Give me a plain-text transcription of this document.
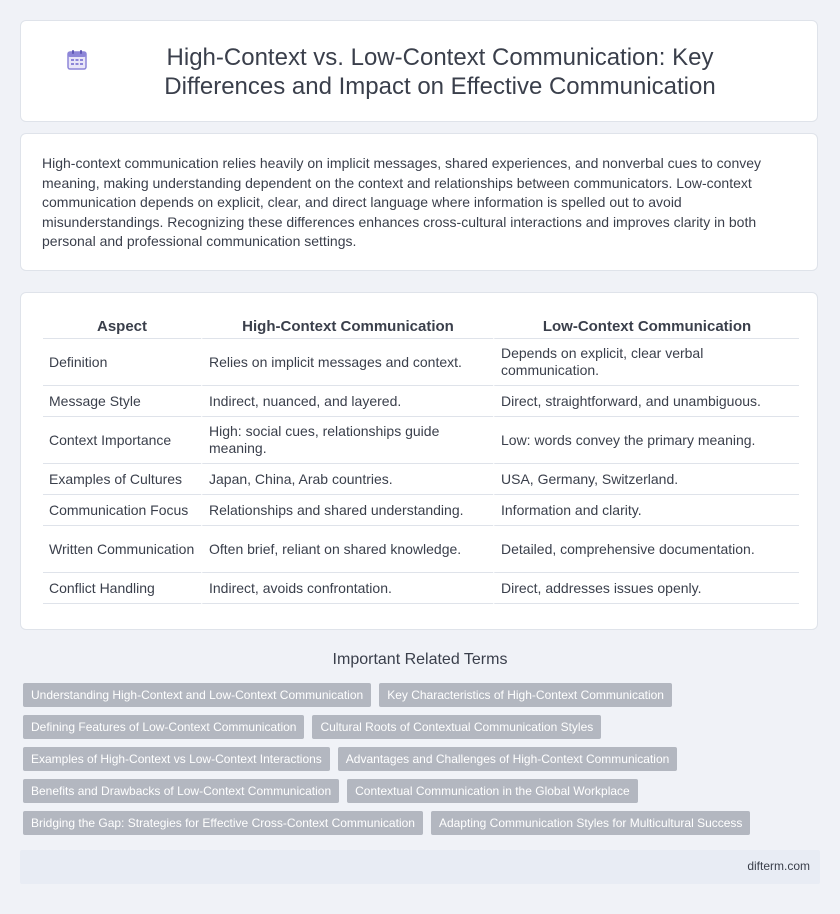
High-Context vs. Low-Context Communication: Key Differences and Impact on Effective Communication

High-context communication relies heavily on implicit messages, shared experiences, and nonverbal cues to convey meaning, making understanding dependent on the context and relationships between communicators. Low-context communication depends on explicit, clear, and direct language where information is spelled out to avoid misunderstandings. Recognizing these differences enhances cross-cultural interactions and improves clarity in both personal and professional communication settings.

Aspect	High-Context Communication	Low-Context Communication
Definition	Relies on implicit messages and context.	Depends on explicit, clear verbal communication.
Message Style	Indirect, nuanced, and layered.	Direct, straightforward, and unambiguous.
Context Importance	High: social cues, relationships guide meaning.	Low: words convey the primary meaning.
Examples of Cultures	Japan, China, Arab countries.	USA, Germany, Switzerland.
Communication Focus	Relationships and shared understanding.	Information and clarity.
Written Communication	Often brief, reliant on shared knowledge.	Detailed, comprehensive documentation.
Conflict Handling	Indirect, avoids confrontation.	Direct, addresses issues openly.
Important Related Terms
Understanding High-Context and Low-Context Communication	Key Characteristics of High-Context Communication
Defining Features of Low-Context Communication	Cultural Roots of Contextual Communication Styles
Examples of High-Context vs Low-Context Interactions	Advantages and Challenges of High-Context Communication
Benefits and Drawbacks of Low-Context Communication	Contextual Communication in the Global Workplace
Bridging the Gap: Strategies for Effective Cross-Context Communication	Adapting Communication Styles for Multicultural Success
difterm.com
